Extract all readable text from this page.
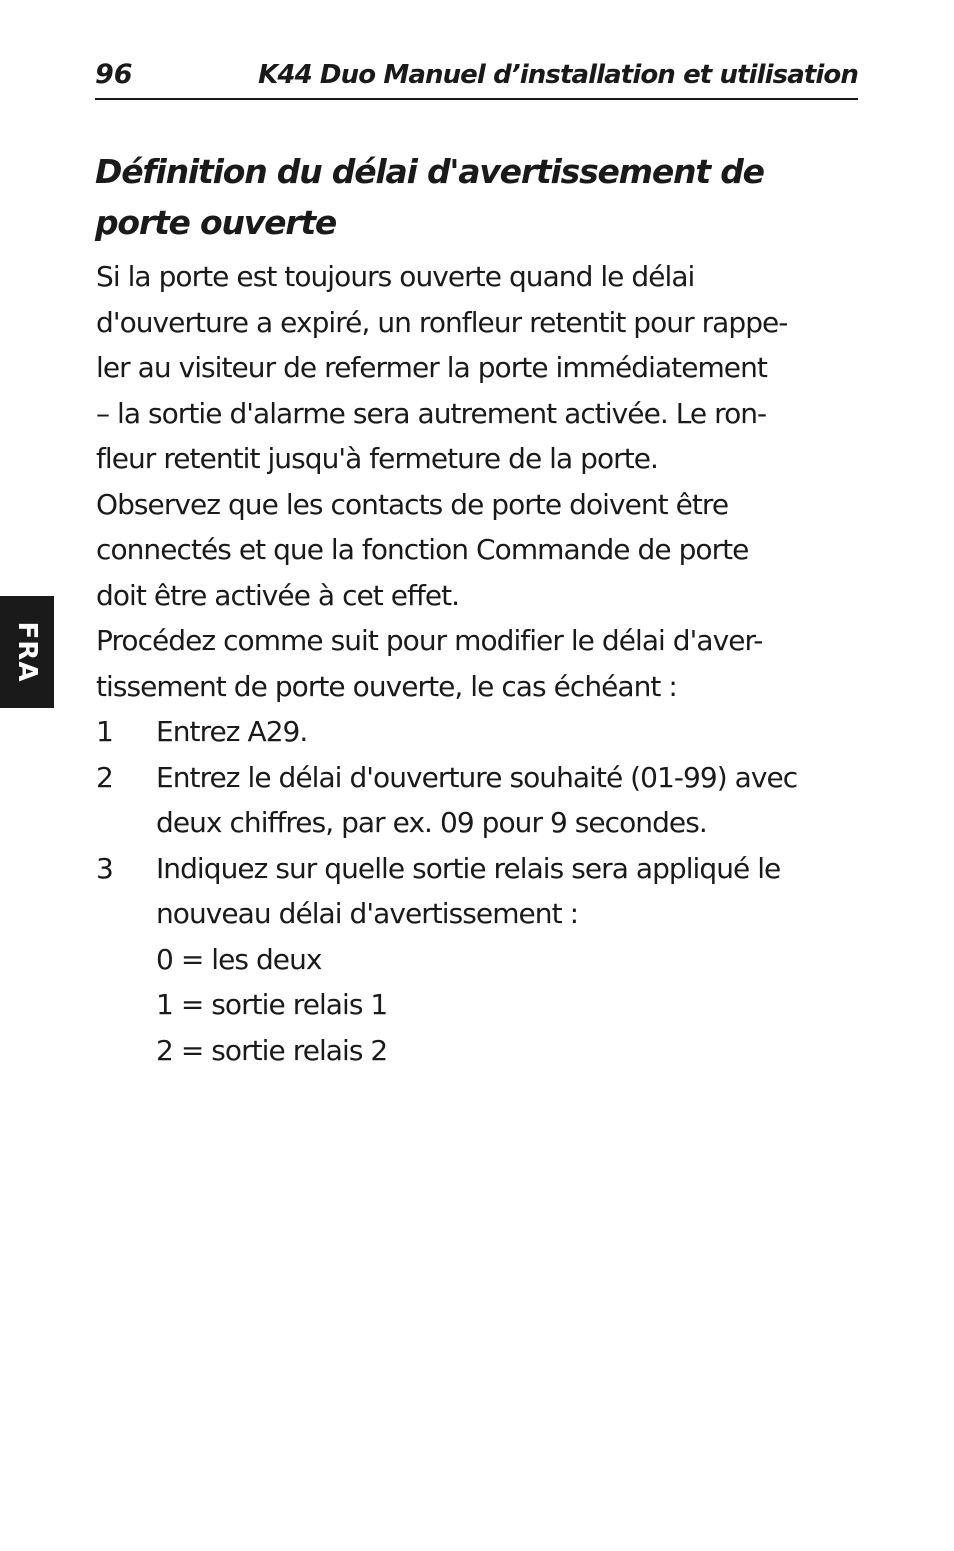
96	K44 Duo Manuel d’installation et utilisation
Définition du délai d'avertissement de porte ouverte
Si la porte est toujours ouverte quand le délai
d'ouverture a expiré, un ronfleur retentit pour rappe-
ler au visiteur de refermer la porte immédiatement
– la sortie d'alarme sera autrement activée. Le ron-
fleur retentit jusqu'à fermeture de la porte.
Observez que les contacts de porte doivent être
connectés et que la fonction Commande de porte
doit être activée à cet effet.
Procédez comme suit pour modifier le délai d'aver-
tissement de porte ouverte, le cas échéant :
1 Entrez A29.
2 Entrez le délai d'ouverture souhaité (01-99) avec
deux chiffres, par ex. 09 pour 9 secondes.
3 Indiquez sur quelle sortie relais sera appliqué le
nouveau délai d'avertissement :
0 = les deux
1 = sortie relais 1
2 = sortie relais 2
FRA
